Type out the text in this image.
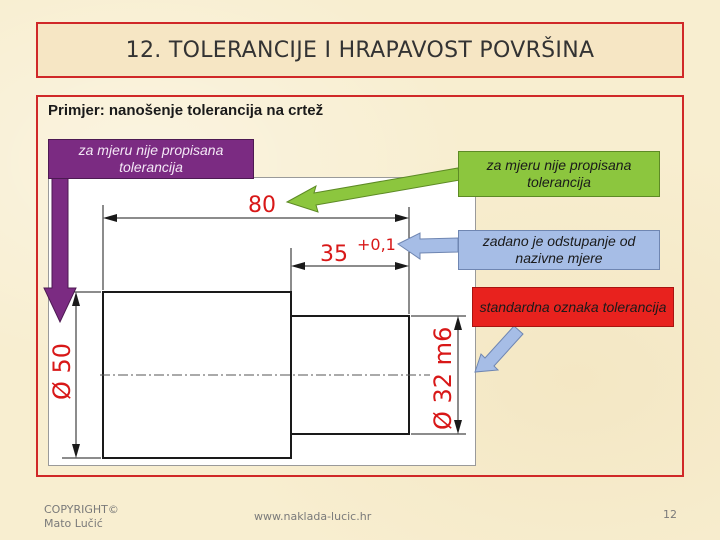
12. TOLERANCIJE I HRAPAVOST POVRŠINA
Primjer: nanošenje tolerancija na crtež
80
35 +0,1
Ø 50	Ø 32 m6
za mjeru nije propisana tolerancija	za mjeru nije propisana tolerancija
zadano je odstupanje od nazivne mjere
standardna oznaka tolerancija
COPYRIGHT©
Mato Lučić
www.naklada-lucic.hr	12
